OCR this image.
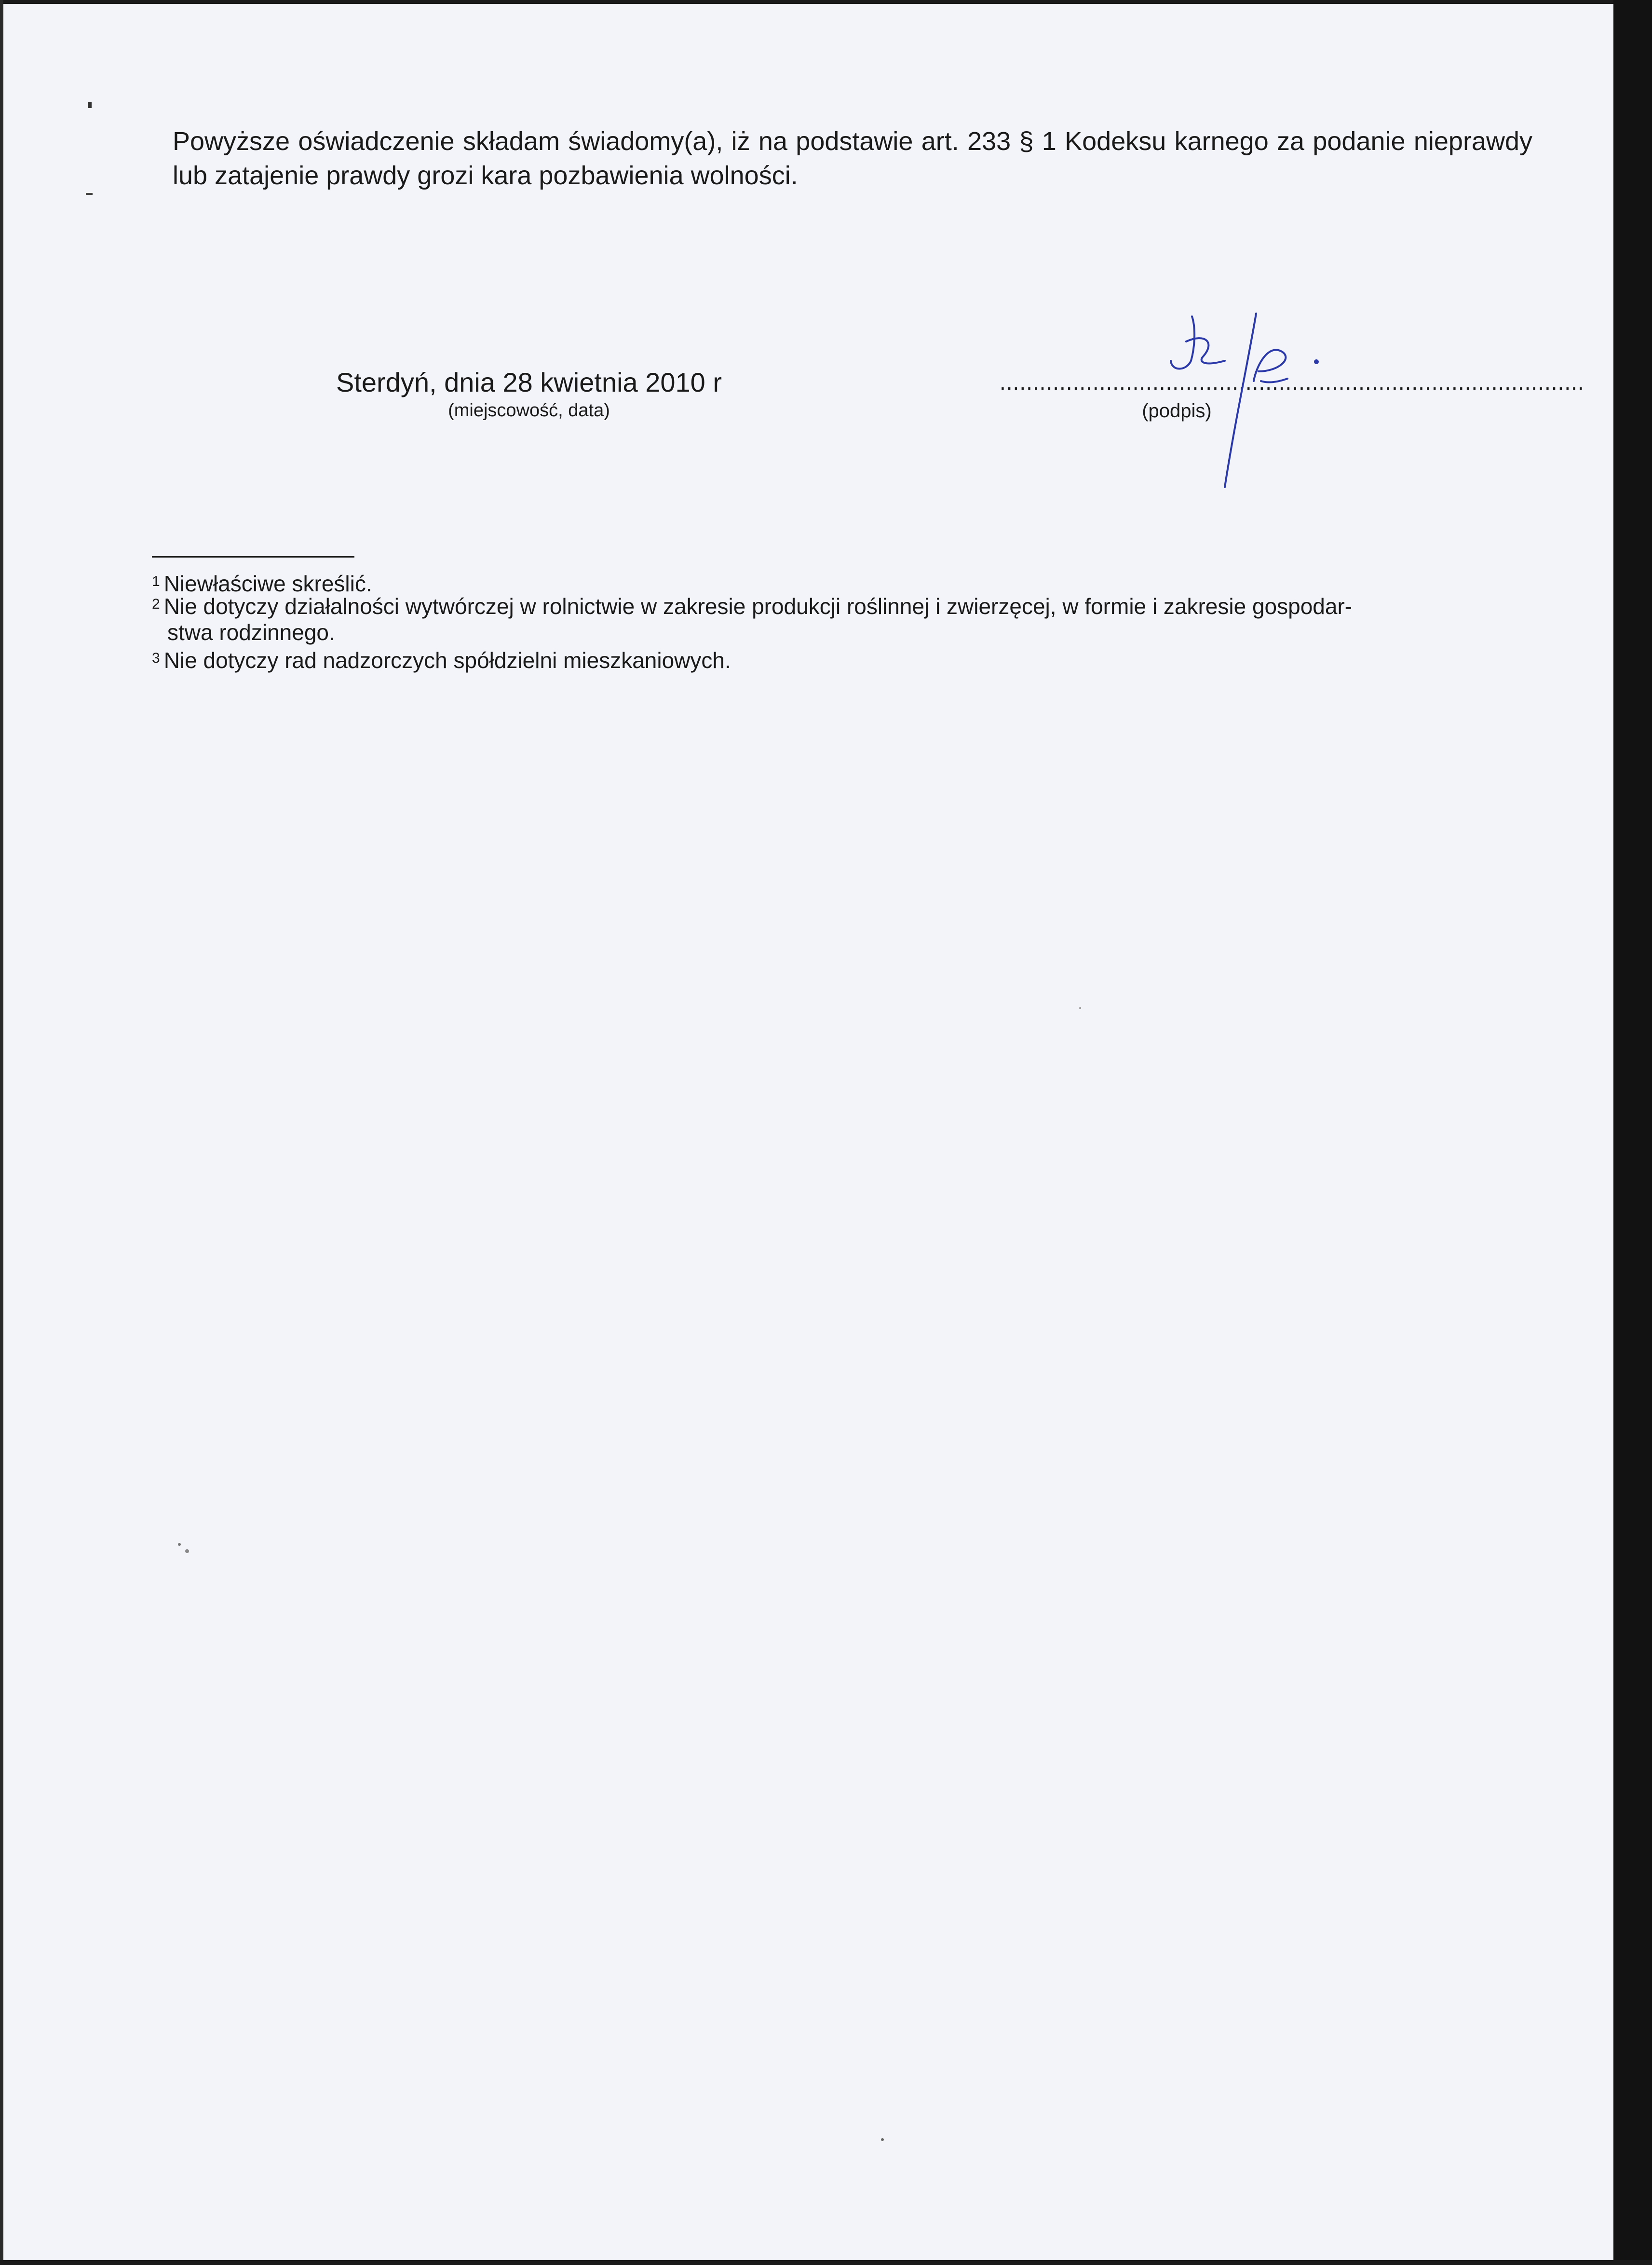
Powyższe oświadczenie składam świadomy(a), iż na podstawie art. 233 § 1 Kodeksu karnego za podanie nieprawdy lub zatajenie prawdy grozi kara pozbawienia wolności.
Sterdyń, dnia 28 kwietnia 2010 r
(miejscowość, data)
........................................................................................
(podpis)
$^1$ Niewłaściwe skreślić.
$^2$ Nie dotyczy działalności wytwórczej w rolnictwie w zakresie produkcji roślinnej i zwierzęcej, w formie i zakresie gospodar-
stwa rodzinnego.
$^3$ Nie dotyczy rad nadzorczych spółdzielni mieszkaniowych.
